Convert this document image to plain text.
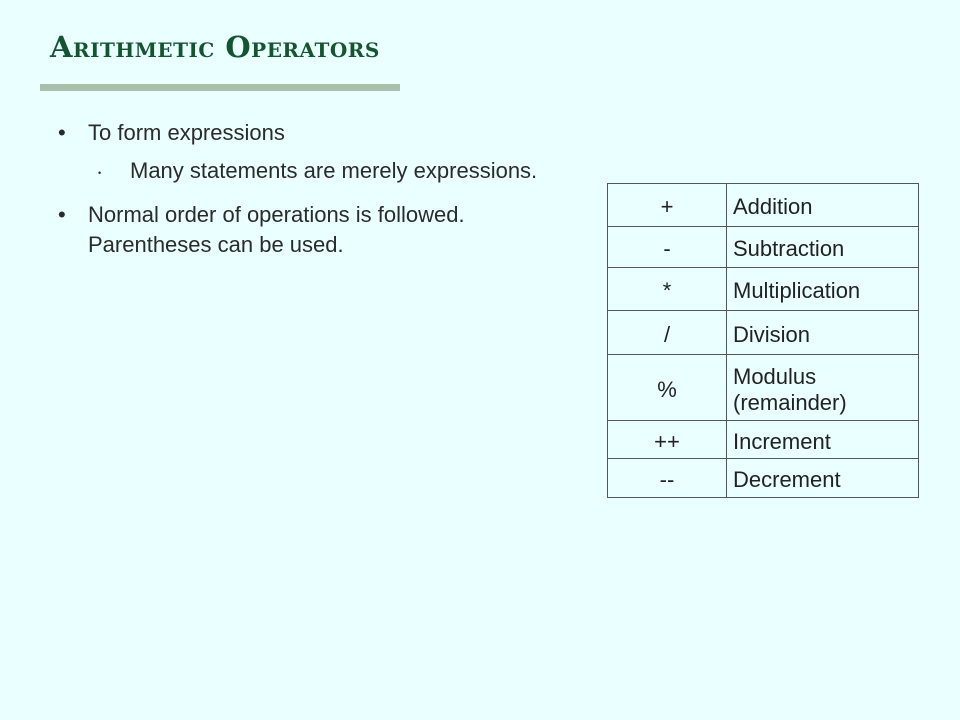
Arithmetic Operators
• To form expressions
• Many statements are merely expressions.
• Normal order of operations is followed. Parentheses can be used.
+	Addition
-	Subtraction
*	Multiplication
/	Division
%	Modulus (remainder)
++	Increment
--	Decrement
